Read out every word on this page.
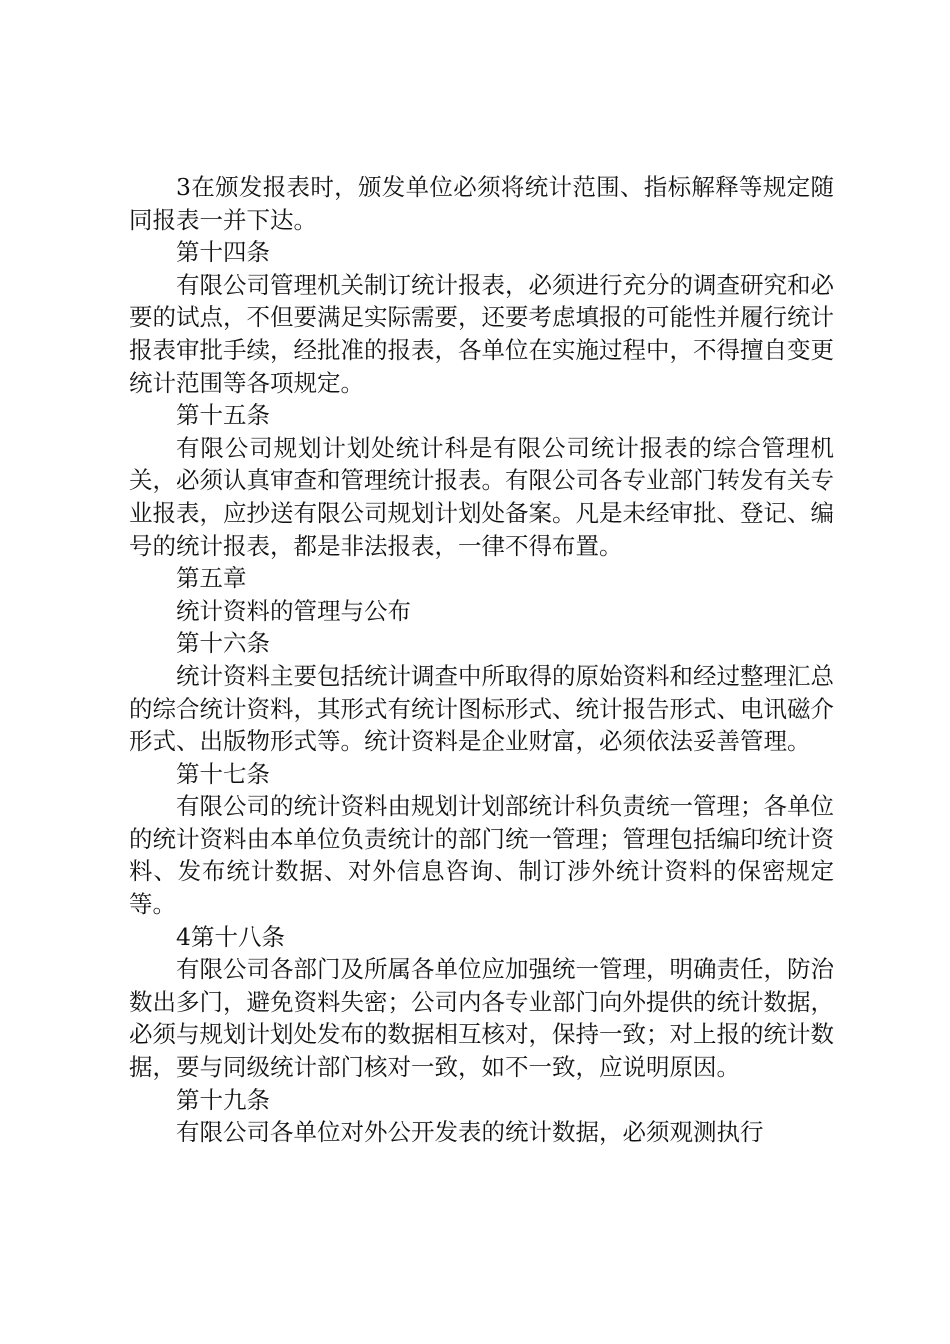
3在颁发报表时，颁发单位必须将统计范围、指标解释等规定随同报表一并下达。

第十四条

有限公司管理机关制订统计报表，必须进行充分的调查研究和必要的试点，不但要满足实际需要，还要考虑填报的可能性并履行统计报表审批手续，经批准的报表，各单位在实施过程中，不得擅自变更统计范围等各项规定。

第十五条

有限公司规划计划处统计科是有限公司统计报表的综合管理机关，必须认真审查和管理统计报表。有限公司各专业部门转发有关专业报表，应抄送有限公司规划计划处备案。凡是未经审批、登记、编号的统计报表，都是非法报表，一律不得布置。

第五章

统计资料的管理与公布

第十六条

统计资料主要包括统计调查中所取得的原始资料和经过整理汇总的综合统计资料，其形式有统计图标形式、统计报告形式、电讯磁介形式、出版物形式等。统计资料是企业财富，必须依法妥善管理。

第十七条

有限公司的统计资料由规划计划部统计科负责统一管理；各单位的统计资料由本单位负责统计的部门统一管理；管理包括编印统计资料、发布统计数据、对外信息咨询、制订涉外统计资料的保密规定等。

4第十八条

有限公司各部门及所属各单位应加强统一管理，明确责任，防治数出多门，避免资料失密；公司内各专业部门向外提供的统计数据，必须与规划计划处发布的数据相互核对，保持一致；对上报的统计数据，要与同级统计部门核对一致，如不一致，应说明原因。

第十九条

有限公司各单位对外公开发表的统计数据，必须观测执行
